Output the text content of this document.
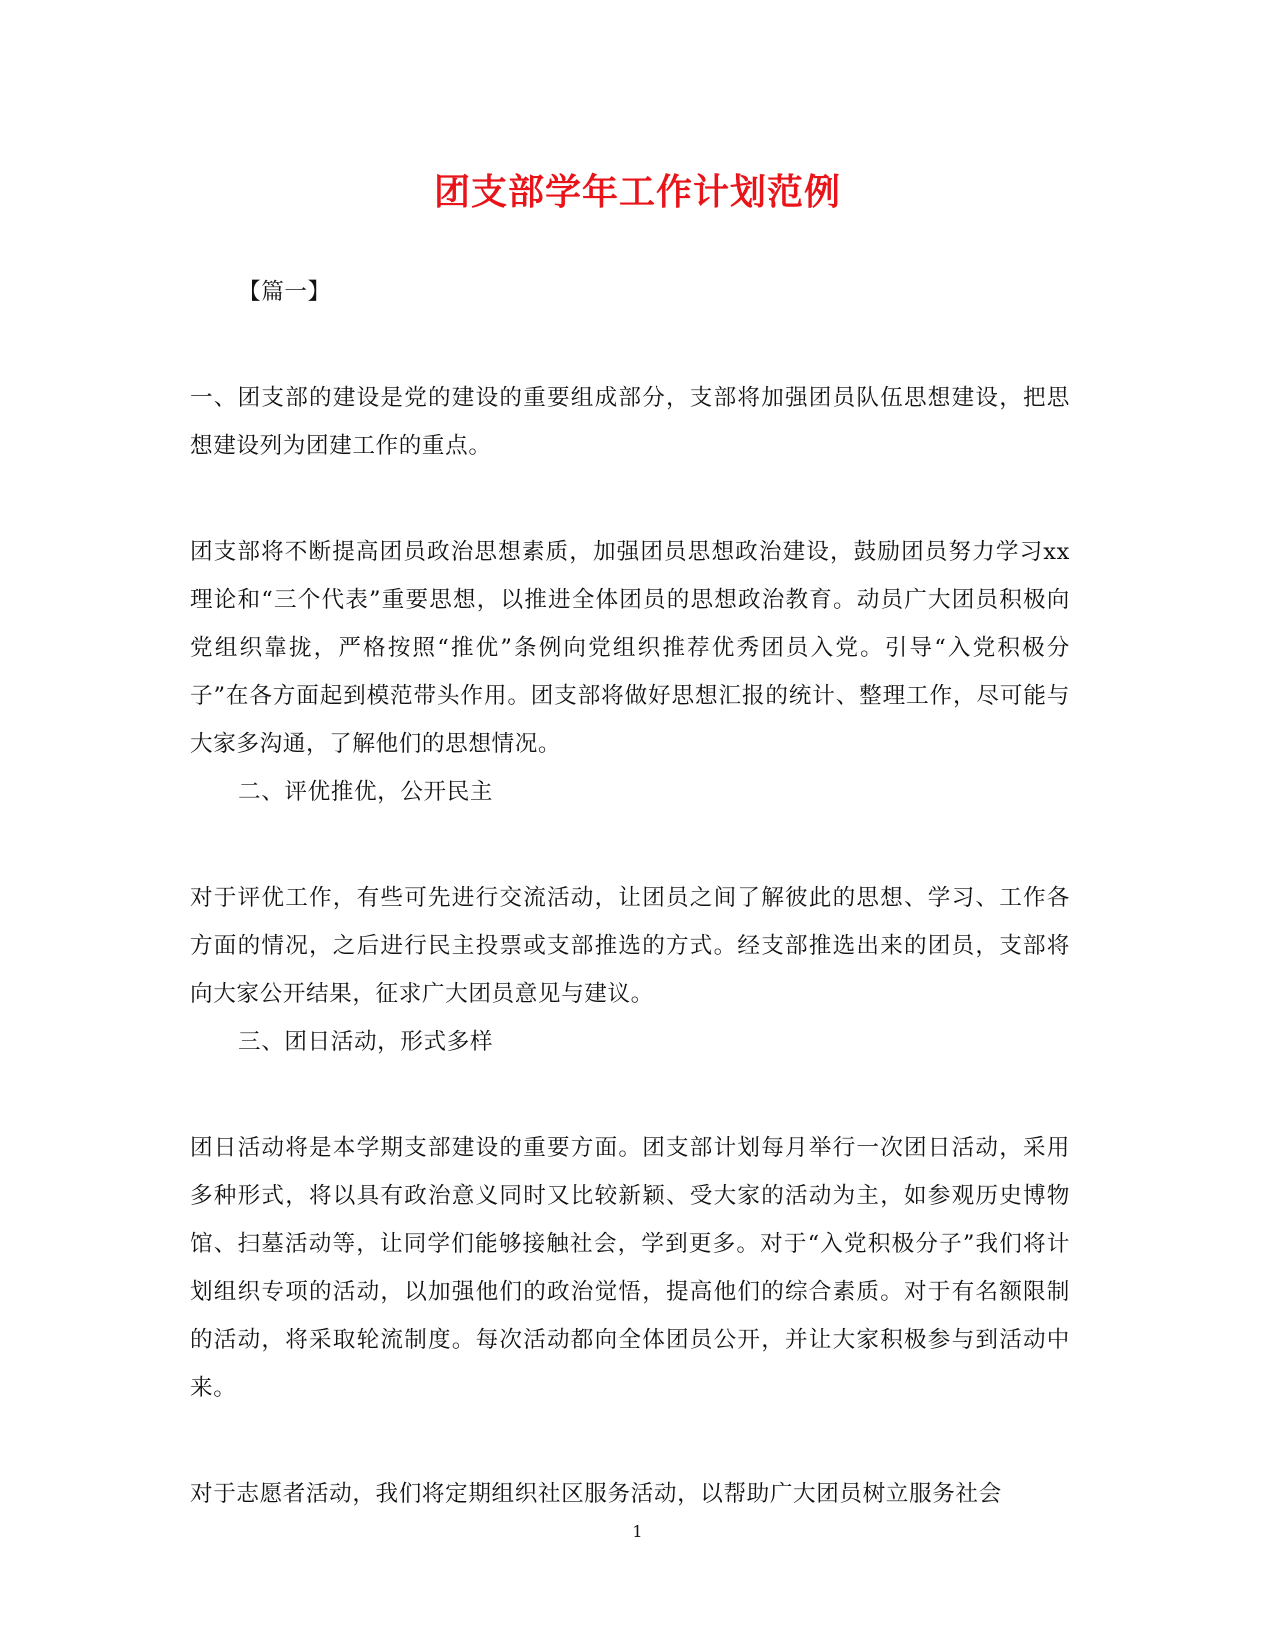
团支部学年工作计划范例

【篇一】

一、团支部的建设是党的建设的重要组成部分，支部将加强团员队伍思想建设，把思想建设列为团建工作的重点。

团支部将不断提高团员政治思想素质，加强团员思想政治建设，鼓励团员努力学习xx理论和“三个代表”重要思想，以推进全体团员的思想政治教育。动员广大团员积极向党组织靠拢，严格按照“推优”条例向党组织推荐优秀团员入党。引导“入党积极分子”在各方面起到模范带头作用。团支部将做好思想汇报的统计、整理工作，尽可能与大家多沟通，了解他们的思想情况。

二、评优推优，公开民主

对于评优工作，有些可先进行交流活动，让团员之间了解彼此的思想、学习、工作各方面的情况，之后进行民主投票或支部推选的方式。经支部推选出来的团员，支部将向大家公开结果，征求广大团员意见与建议。

三、团日活动，形式多样

团日活动将是本学期支部建设的重要方面。团支部计划每月举行一次团日活动，采用多种形式，将以具有政治意义同时又比较新颖、受大家的活动为主，如参观历史博物馆、扫墓活动等，让同学们能够接触社会，学到更多。对于“入党积极分子”我们将计划组织专项的活动，以加强他们的政治觉悟，提高他们的综合素质。对于有名额限制的活动，将采取轮流制度。每次活动都向全体团员公开，并让大家积极参与到活动中来。

对于志愿者活动，我们将定期组织社区服务活动，以帮助广大团员树立服务社会

1
